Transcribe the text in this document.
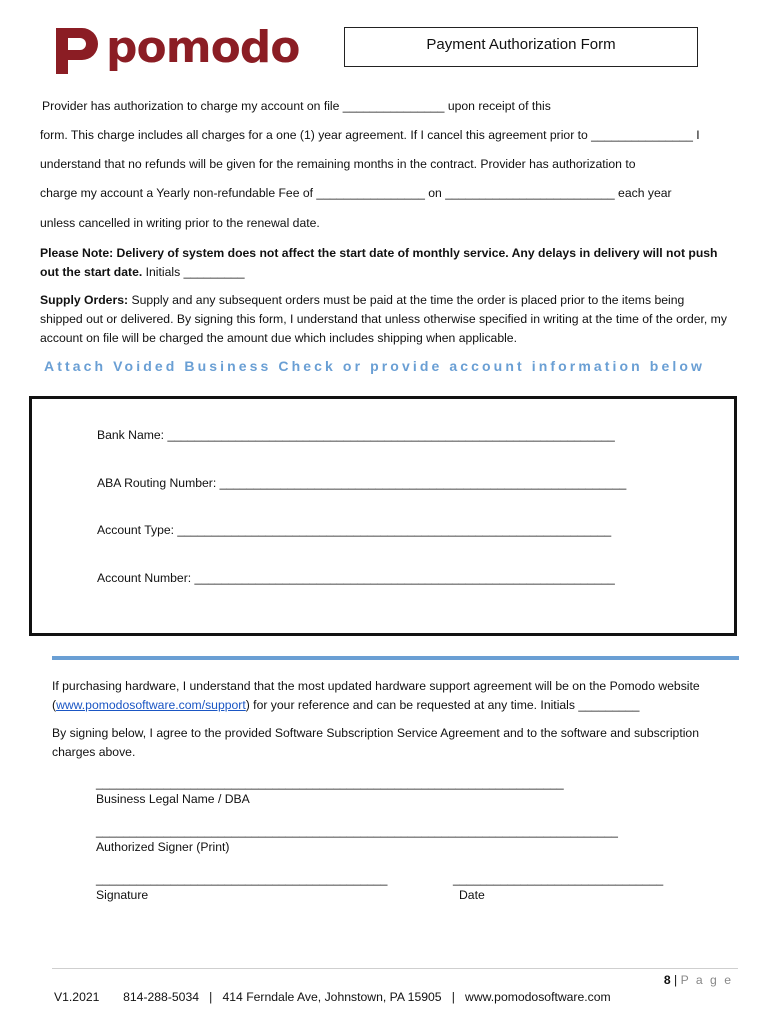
pomodo	Payment Authorization Form
Provider has authorization to charge my account on file _______________ upon receipt of this
form. This charge includes all charges for a one (1) year agreement. If I cancel this agreement prior to _______________ I
understand that no refunds will be given for the remaining months in the contract. Provider has authorization to
charge my account a Yearly non-refundable Fee of ________________ on _________________________ each year
unless cancelled in writing prior to the renewal date.
Please Note: Delivery of system does not affect the start date of monthly service. Any delays in delivery will not push out the start date. Initials _________
Supply Orders: Supply and any subsequent orders must be paid at the time the order is placed prior to the items being shipped out or delivered. By signing this form, I understand that unless otherwise specified in writing at the time of the order, my account on file will be charged the amount due which includes shipping when applicable.
Attach Voided Business Check or provide account information below
Bank Name: __________________________________________________________________
ABA Routing Number: ____________________________________________________________
Account Type: ________________________________________________________________
Account Number: ______________________________________________________________
If purchasing hardware, I understand that the most updated hardware support agreement will be on the Pomodo website
(www.pomodosoftware.com/support) for your reference and can be requested at any time. Initials _________
By signing below, I agree to the provided Software Subscription Service Agreement and to the software and subscription charges above.
_____________________________________________________________________
Business Legal Name / DBA
_____________________________________________________________________________
Authorized Signer (Print)
___________________________________________
Signature
_______________________________
Date
8 | P a g e
V1.2021       814-288-5034   |   414 Ferndale Ave, Johnstown, PA 15905   |   www.pomodosoftware.com
